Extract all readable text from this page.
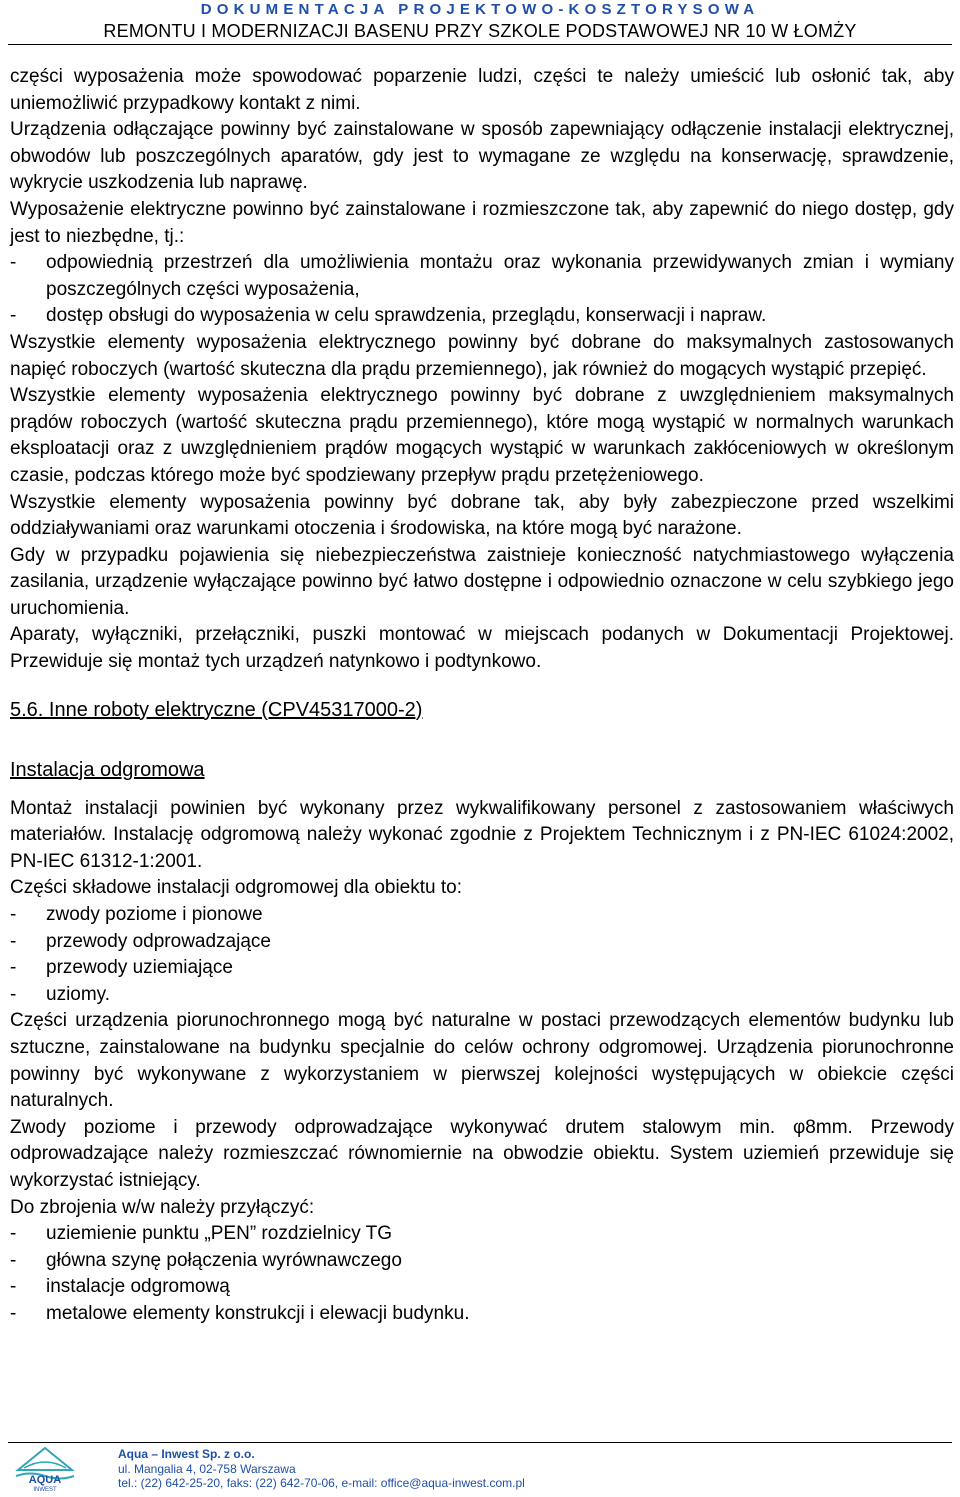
DOKUMENTACJA PROJEKTOWO-KOSZTORYSOWA
REMONTU I MODERNIZACJI BASENU PRZY SZKOLE PODSTAWOWEJ NR 10 W ŁOMŻY

części wyposażenia może spowodować poparzenie ludzi, części te należy umieścić lub osłonić tak, aby uniemożliwić przypadkowy kontakt z nimi.

Urządzenia odłączające powinny być zainstalowane w sposób zapewniający odłączenie instalacji elektrycznej, obwodów lub poszczególnych aparatów, gdy jest to wymagane ze względu na konserwację, sprawdzenie, wykrycie uszkodzenia lub naprawę.

Wyposażenie elektryczne powinno być zainstalowane i rozmieszczone tak, aby zapewnić do niego dostęp, gdy jest to niezbędne, tj.:

- odpowiednią przestrzeń dla umożliwienia montażu oraz wykonania przewidywanych zmian i wymiany poszczególnych części wyposażenia,

- dostęp obsługi do wyposażenia w celu sprawdzenia, przeglądu, konserwacji i napraw.

Wszystkie elementy wyposażenia elektrycznego powinny być dobrane do maksymalnych zastosowanych napięć roboczych (wartość skuteczna dla prądu przemiennego), jak również do mogących wystąpić przepięć.

Wszystkie elementy wyposażenia elektrycznego powinny być dobrane z uwzględnieniem maksymalnych prądów roboczych (wartość skuteczna prądu przemiennego), które mogą wystąpić w normalnych warunkach eksploatacji oraz z uwzględnieniem prądów mogących wystąpić w warunkach zakłóceniowych w określonym czasie, podczas którego może być spodziewany przepływ prądu przetężeniowego.

Wszystkie elementy wyposażenia powinny być dobrane tak, aby były zabezpieczone przed wszelkimi oddziaływaniami oraz warunkami otoczenia i środowiska, na które mogą być narażone.

Gdy w przypadku pojawienia się niebezpieczeństwa zaistnieje konieczność natychmiastowego wyłączenia zasilania, urządzenie wyłączające powinno być łatwo dostępne i odpowiednio oznaczone w celu szybkiego jego uruchomienia.

Aparaty, wyłączniki, przełączniki, puszki montować w miejscach podanych w Dokumentacji Projektowej. Przewiduje się montaż tych urządzeń natynkowo i podtynkowo.

5.6. Inne roboty elektryczne (CPV45317000-2)

Instalacja odgromowa

Montaż instalacji powinien być wykonany przez wykwalifikowany personel z zastosowaniem właściwych materiałów. Instalację odgromową należy wykonać zgodnie z Projektem Technicznym i z PN-IEC 61024:2002, PN-IEC 61312-1:2001.

Części składowe instalacji odgromowej dla obiektu to:

- zwody poziome i pionowe

- przewody odprowadzające

- przewody uziemiające

- uziomy.

Części urządzenia piorunochronnego mogą być naturalne w postaci przewodzących elementów budynku lub sztuczne, zainstalowane na budynku specjalnie do celów ochrony odgromowej. Urządzenia piorunochronne powinny być wykonywane z wykorzystaniem w pierwszej kolejności występujących w obiekcie części naturalnych.

Zwody poziome i przewody odprowadzające wykonywać drutem stalowym min. φ8mm. Przewody odprowadzające należy rozmieszczać równomiernie na obwodzie obiektu. System uziemień przewiduje się wykorzystać istniejący.

Do zbrojenia w/w należy przyłączyć:

- uziemienie punktu „PEN” rozdzielnicy TG

- główna szynę połączenia wyrównawczego

- instalacje odgromową

- metalowe elementy konstrukcji i elewacji budynku.

AQUA
INWEST
Aqua – Inwest Sp. z o.o.
ul. Mangalia 4, 02-758 Warszawa
tel.: (22) 642-25-20, faks: (22) 642-70-06, e-mail: office@aqua-inwest.com.pl
